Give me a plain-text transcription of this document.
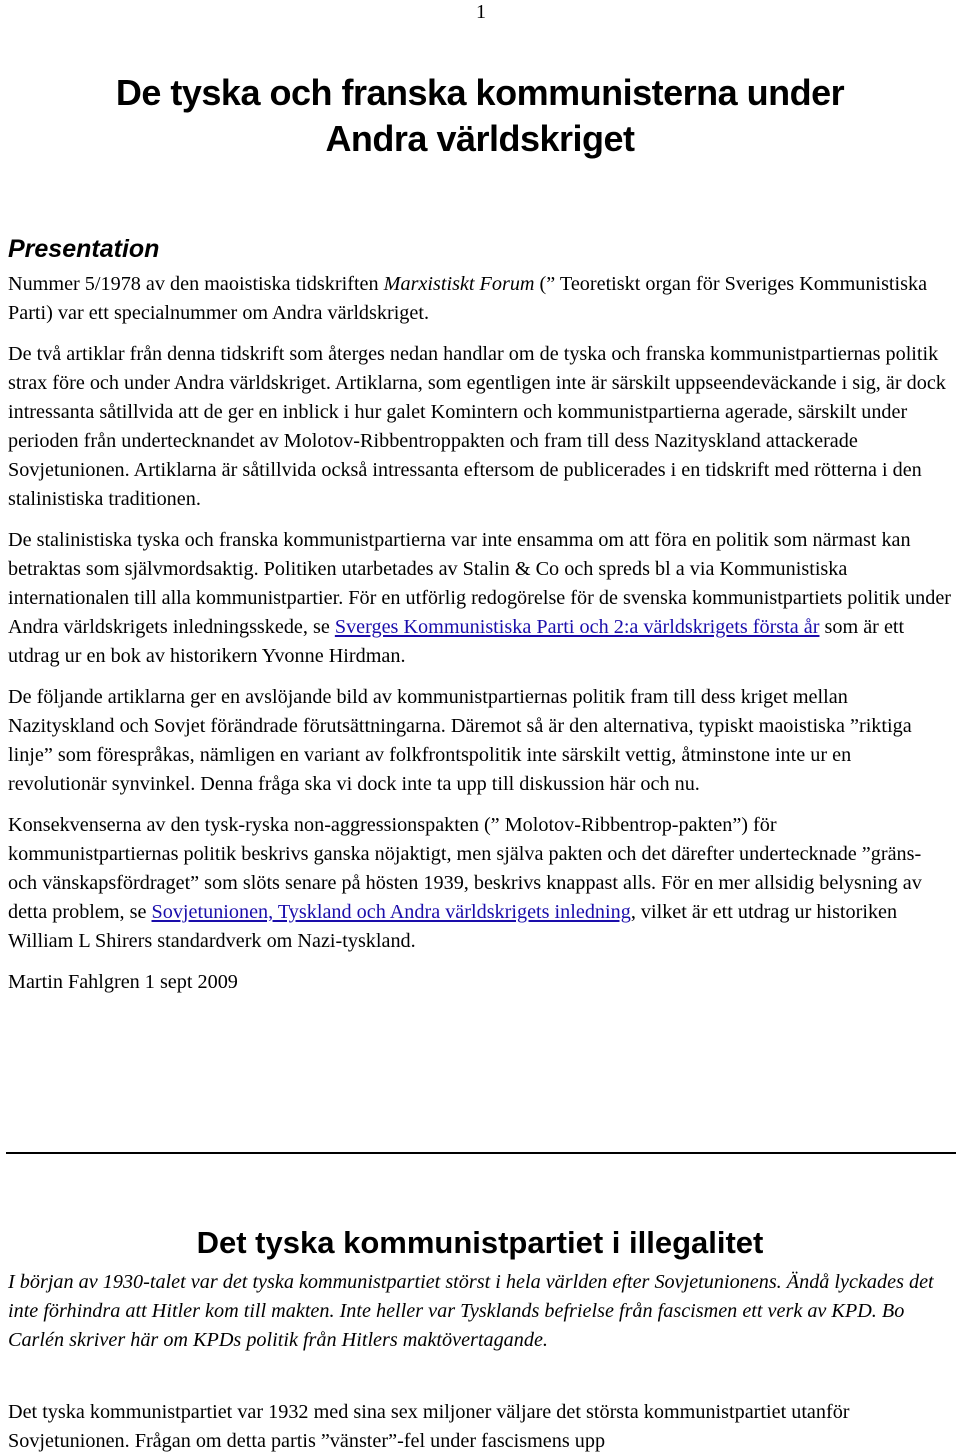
1
De tyska och franska kommunisterna under
Andra världskriget
Presentation

Nummer 5/1978 av den maoistiska tidskriften Marxistiskt Forum (” Teoretiskt organ för Sveriges Kommunistiska Parti) var ett specialnummer om Andra världskriget.

De två artiklar från denna tidskrift som återges nedan handlar om de tyska och franska kommunistpartiernas politik strax före och under Andra världskriget. Artiklarna, som egentligen inte är särskilt uppseendeväckande i sig, är dock intressanta såtillvida att de ger en inblick i hur galet Komintern och kommunistpartierna agerade, särskilt under perioden från undertecknandet av Molotov-Ribbentroppakten och fram till dess Nazityskland attackerade Sovjetunionen. Artiklarna är såtillvida också intressanta eftersom de publicerades i en tidskrift med rötterna i den stalinistiska traditionen.

De stalinistiska tyska och franska kommunistpartierna var inte ensamma om att föra en politik som närmast kan betraktas som självmordsaktig. Politiken utarbetades av Stalin & Co och spreds bl a via Kommunistiska internationalen till alla kommunistpartier. För en utförlig redogörelse för de svenska kommunistpartiets politik under Andra världskrigets inledningsskede, se Sverges Kommunistiska Parti och 2:a världskrigets första år som är ett utdrag ur en bok av historikern Yvonne Hirdman.

De följande artiklarna ger en avslöjande bild av kommunistpartiernas politik fram till dess kriget mellan Nazityskland och Sovjet förändrade förutsättningarna. Däremot så är den alternativa, typiskt maoistiska ”riktiga linje” som förespråkas, nämligen en variant av folkfrontspolitik inte särskilt vettig, åtminstone inte ur en revolutionär synvinkel. Denna fråga ska vi dock inte ta upp till diskussion här och nu.

Konsekvenserna av den tysk-ryska non-aggressionspakten (” Molotov-Ribbentrop-pakten”) för kommunistpartiernas politik beskrivs ganska nöjaktigt, men själva pakten och det därefter undertecknade ”gräns- och vänskapsfördraget” som slöts senare på hösten 1939, beskrivs knappast alls. För en mer allsidig belysning av detta problem, se Sovjetunionen, Tyskland och Andra världskrigets inledning, vilket är ett utdrag ur historiken William L Shirers standardverk om Nazi-tyskland.

Martin Fahlgren 1 sept 2009

Det tyska kommunistpartiet i illegalitet

I början av 1930-talet var det tyska kommunistpartiet störst i hela världen efter Sovjetunionens. Ändå lyckades det inte förhindra att Hitler kom till makten. Inte heller var Tysklands befrielse från fascismen ett verk av KPD. Bo Carlén skriver här om KPDs politik från Hitlers maktövertagande.

Det tyska kommunistpartiet var 1932 med sina sex miljoner väljare det största kommunistpartiet utanför Sovjetunionen. Frågan om detta partis ”vänster”-fel under fascismens upp
